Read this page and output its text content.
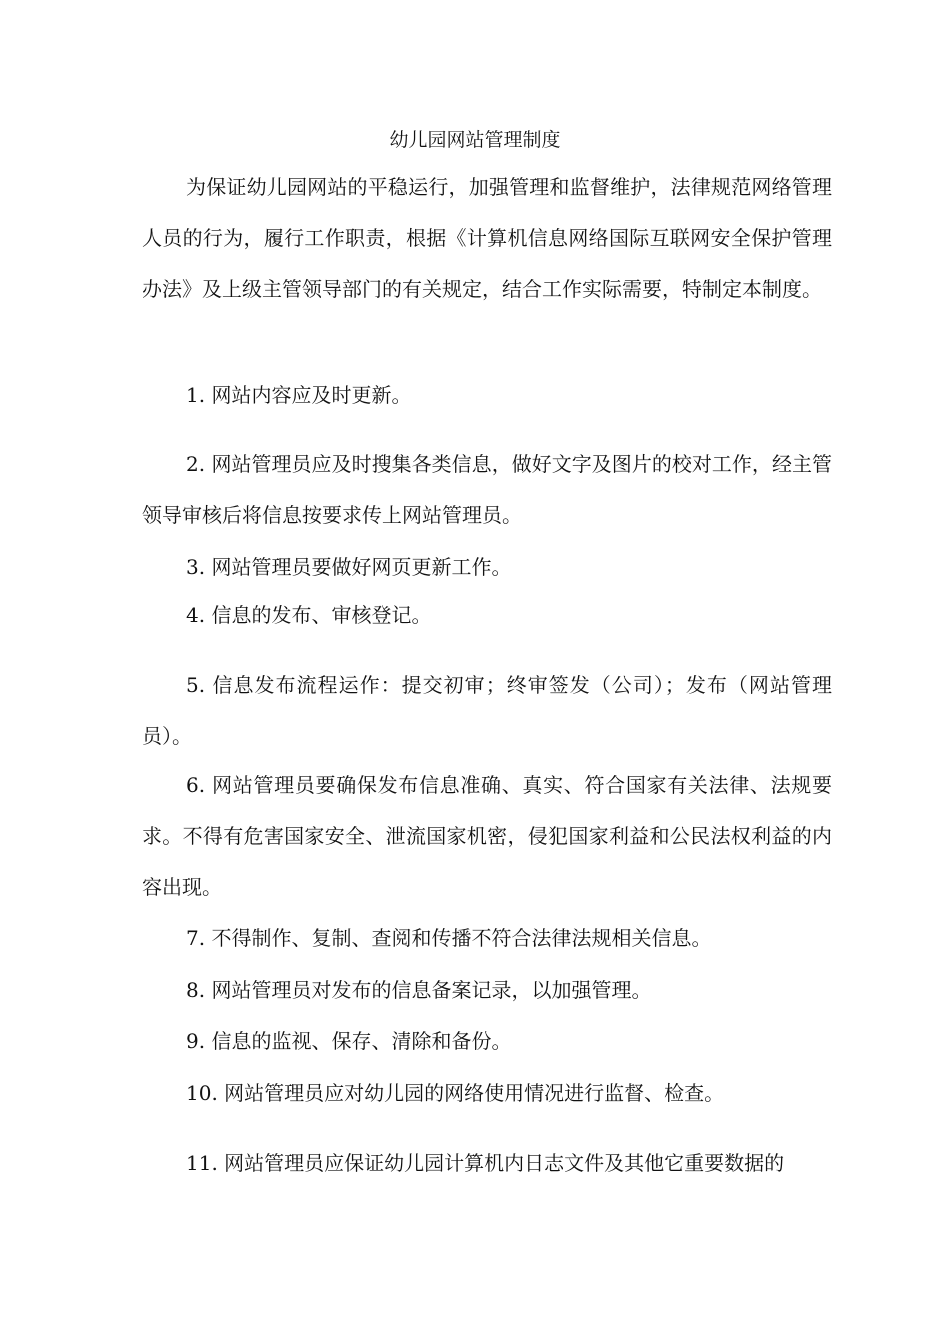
幼儿园网站管理制度

为保证幼儿园网站的平稳运行，加强管理和监督维护，法律规范网络管理人员的行为，履行工作职责，根据《计算机信息网络国际互联网安全保护管理办法》及上级主管领导部门的有关规定，结合工作实际需要，特制定本制度。

1. 网站内容应及时更新。

2. 网站管理员应及时搜集各类信息，做好文字及图片的校对工作，经主管领导审核后将信息按要求传上网站管理员。

3. 网站管理员要做好网页更新工作。

4. 信息的发布、审核登记。

5. 信息发布流程运作：提交初审；终审签发（公司）；发布（网站管理员）。

6. 网站管理员要确保发布信息准确、真实、符合国家有关法律、法规要求。不得有危害国家安全、泄流国家机密，侵犯国家利益和公民法权利益的内容出现。

7. 不得制作、复制、查阅和传播不符合法律法规相关信息。

8. 网站管理员对发布的信息备案记录，以加强管理。

9. 信息的监视、保存、清除和备份。

10. 网站管理员应对幼儿园的网络使用情况进行监督、检查。

11. 网站管理员应保证幼儿园计算机内日志文件及其他它重要数据的
